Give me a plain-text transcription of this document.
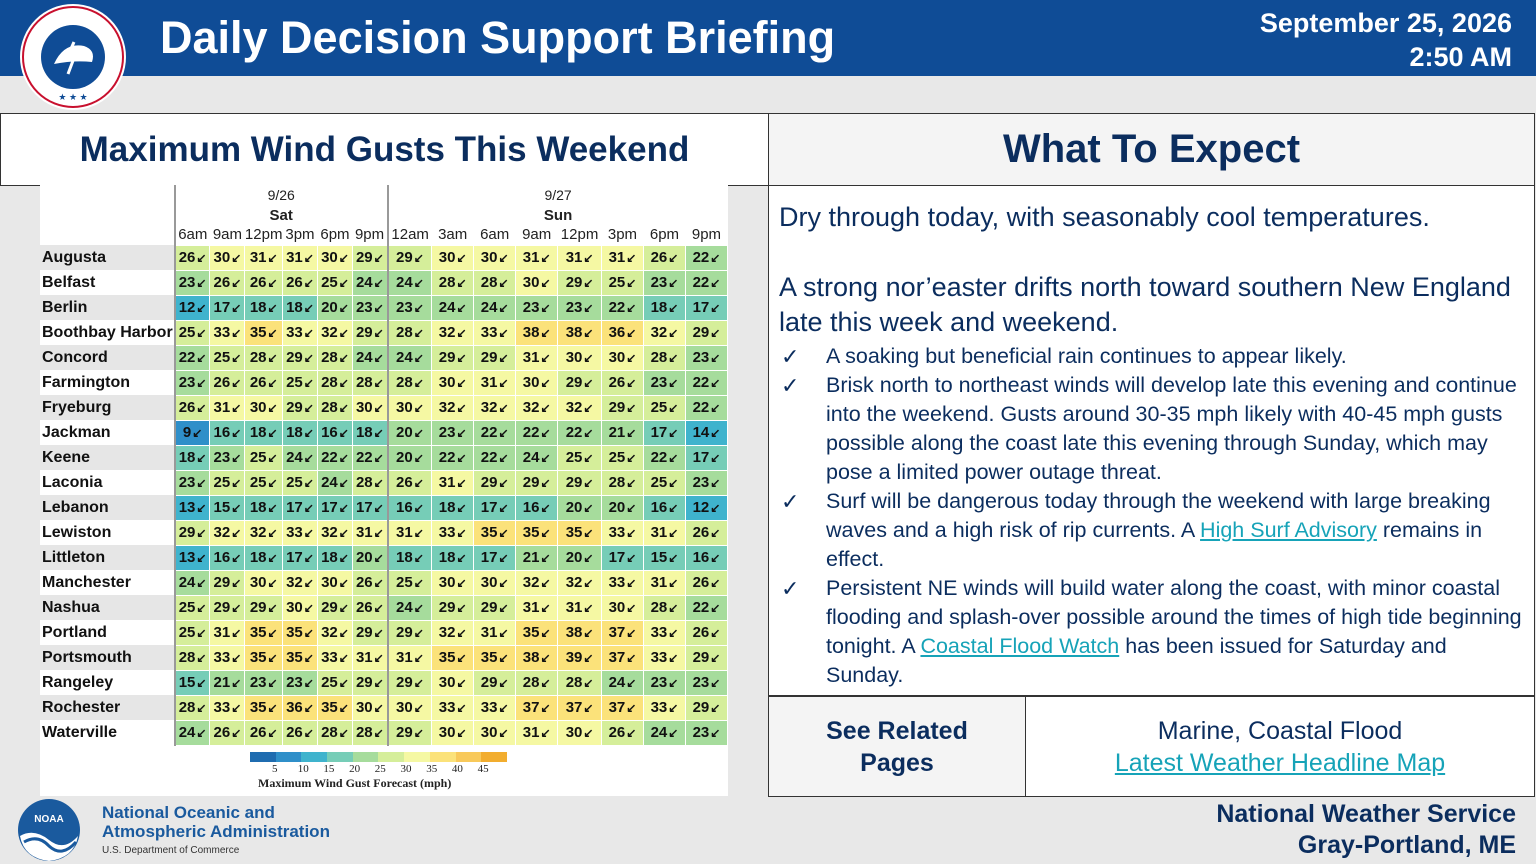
★ ★ ★
Daily Decision Support Briefing	September 25, 2026
2:50 AM
Maximum Wind Gusts This Weekend	What To Expect
	9/26						9/27							
	Sat						Sun							
	6am	9am	12pm	3pm	6pm	9pm	12am	3am	6am	9am	12pm	3pm	6pm	9pm
Augusta	26↙	30↙	31↙	31↙	30↙	29↙	29↙	30↙	30↙	31↙	31↙	31↙	26↙	22↙
Belfast	23↙	26↙	26↙	26↙	25↙	24↙	24↙	28↙	28↙	30↙	29↙	25↙	23↙	22↙
Berlin	12↙	17↙	18↙	18↙	20↙	23↙	23↙	24↙	24↙	23↙	23↙	22↙	18↙	17↙
Boothbay Harbor	25↙	33↙	35↙	33↙	32↙	29↙	28↙	32↙	33↙	38↙	38↙	36↙	32↙	29↙
Concord	22↙	25↙	28↙	29↙	28↙	24↙	24↙	29↙	29↙	31↙	30↙	30↙	28↙	23↙
Farmington	23↙	26↙	26↙	25↙	28↙	28↙	28↙	30↙	31↙	30↙	29↙	26↙	23↙	22↙
Fryeburg	26↙	31↙	30↙	29↙	28↙	30↙	30↙	32↙	32↙	32↙	32↙	29↙	25↙	22↙
Jackman	9↙	16↙	18↙	18↙	16↙	18↙	20↙	23↙	22↙	22↙	22↙	21↙	17↙	14↙
Keene	18↙	23↙	25↙	24↙	22↙	22↙	20↙	22↙	22↙	24↙	25↙	25↙	22↙	17↙
Laconia	23↙	25↙	25↙	25↙	24↙	28↙	26↙	31↙	29↙	29↙	29↙	28↙	25↙	23↙
Lebanon	13↙	15↙	18↙	17↙	17↙	17↙	16↙	18↙	17↙	16↙	20↙	20↙	16↙	12↙
Lewiston	29↙	32↙	32↙	33↙	32↙	31↙	31↙	33↙	35↙	35↙	35↙	33↙	31↙	26↙
Littleton	13↙	16↙	18↙	17↙	18↙	20↙	18↙	18↙	17↙	21↙	20↙	17↙	15↙	16↙
Manchester	24↙	29↙	30↙	32↙	30↙	26↙	25↙	30↙	30↙	32↙	32↙	33↙	31↙	26↙
Nashua	25↙	29↙	29↙	30↙	29↙	26↙	24↙	29↙	29↙	31↙	31↙	30↙	28↙	22↙
Portland	25↙	31↙	35↙	35↙	32↙	29↙	29↙	32↙	31↙	35↙	38↙	37↙	33↙	26↙
Portsmouth	28↙	33↙	35↙	35↙	33↙	31↙	31↙	35↙	35↙	38↙	39↙	37↙	33↙	29↙
Rangeley	15↙	21↙	23↙	23↙	25↙	29↙	29↙	30↙	29↙	28↙	28↙	24↙	23↙	23↙
Rochester	28↙	33↙	35↙	36↙	35↙	30↙	30↙	33↙	33↙	37↙	37↙	37↙	33↙	29↙
Waterville	24↙	26↙	26↙	26↙	28↙	28↙	29↙	30↙	30↙	31↙	30↙	26↙	24↙	23↙
5 10 15 20 25 30 35 40 45
Maximum Wind Gust Forecast (mph)
Dry through today, with seasonably cool temperatures.
A strong nor’easter drifts north toward southern New England late this week and weekend.
✓	A soaking but beneficial rain continues to appear likely.
✓	Brisk north to northeast winds will develop late this evening and continue into the weekend. Gusts around 30-35 mph likely with 40-45 mph gusts possible along the coast late this evening through Sunday, which may pose a limited power outage threat.
✓	Surf will be dangerous today through the weekend with large breaking waves and a high risk of rip currents. A High Surf Advisory remains in effect.
✓	Persistent NE winds will build water along the coast, with minor coastal flooding and splash-over possible around the times of high tide beginning tonight. A Coastal Flood Watch has been issued for Saturday and Sunday.
See Related Pages
Marine, Coastal Flood
Latest Weather Headline Map
NOAA National Oceanic and
Atmospheric Administration
U.S. Department of Commerce
National Weather Service
Gray-Portland, ME
